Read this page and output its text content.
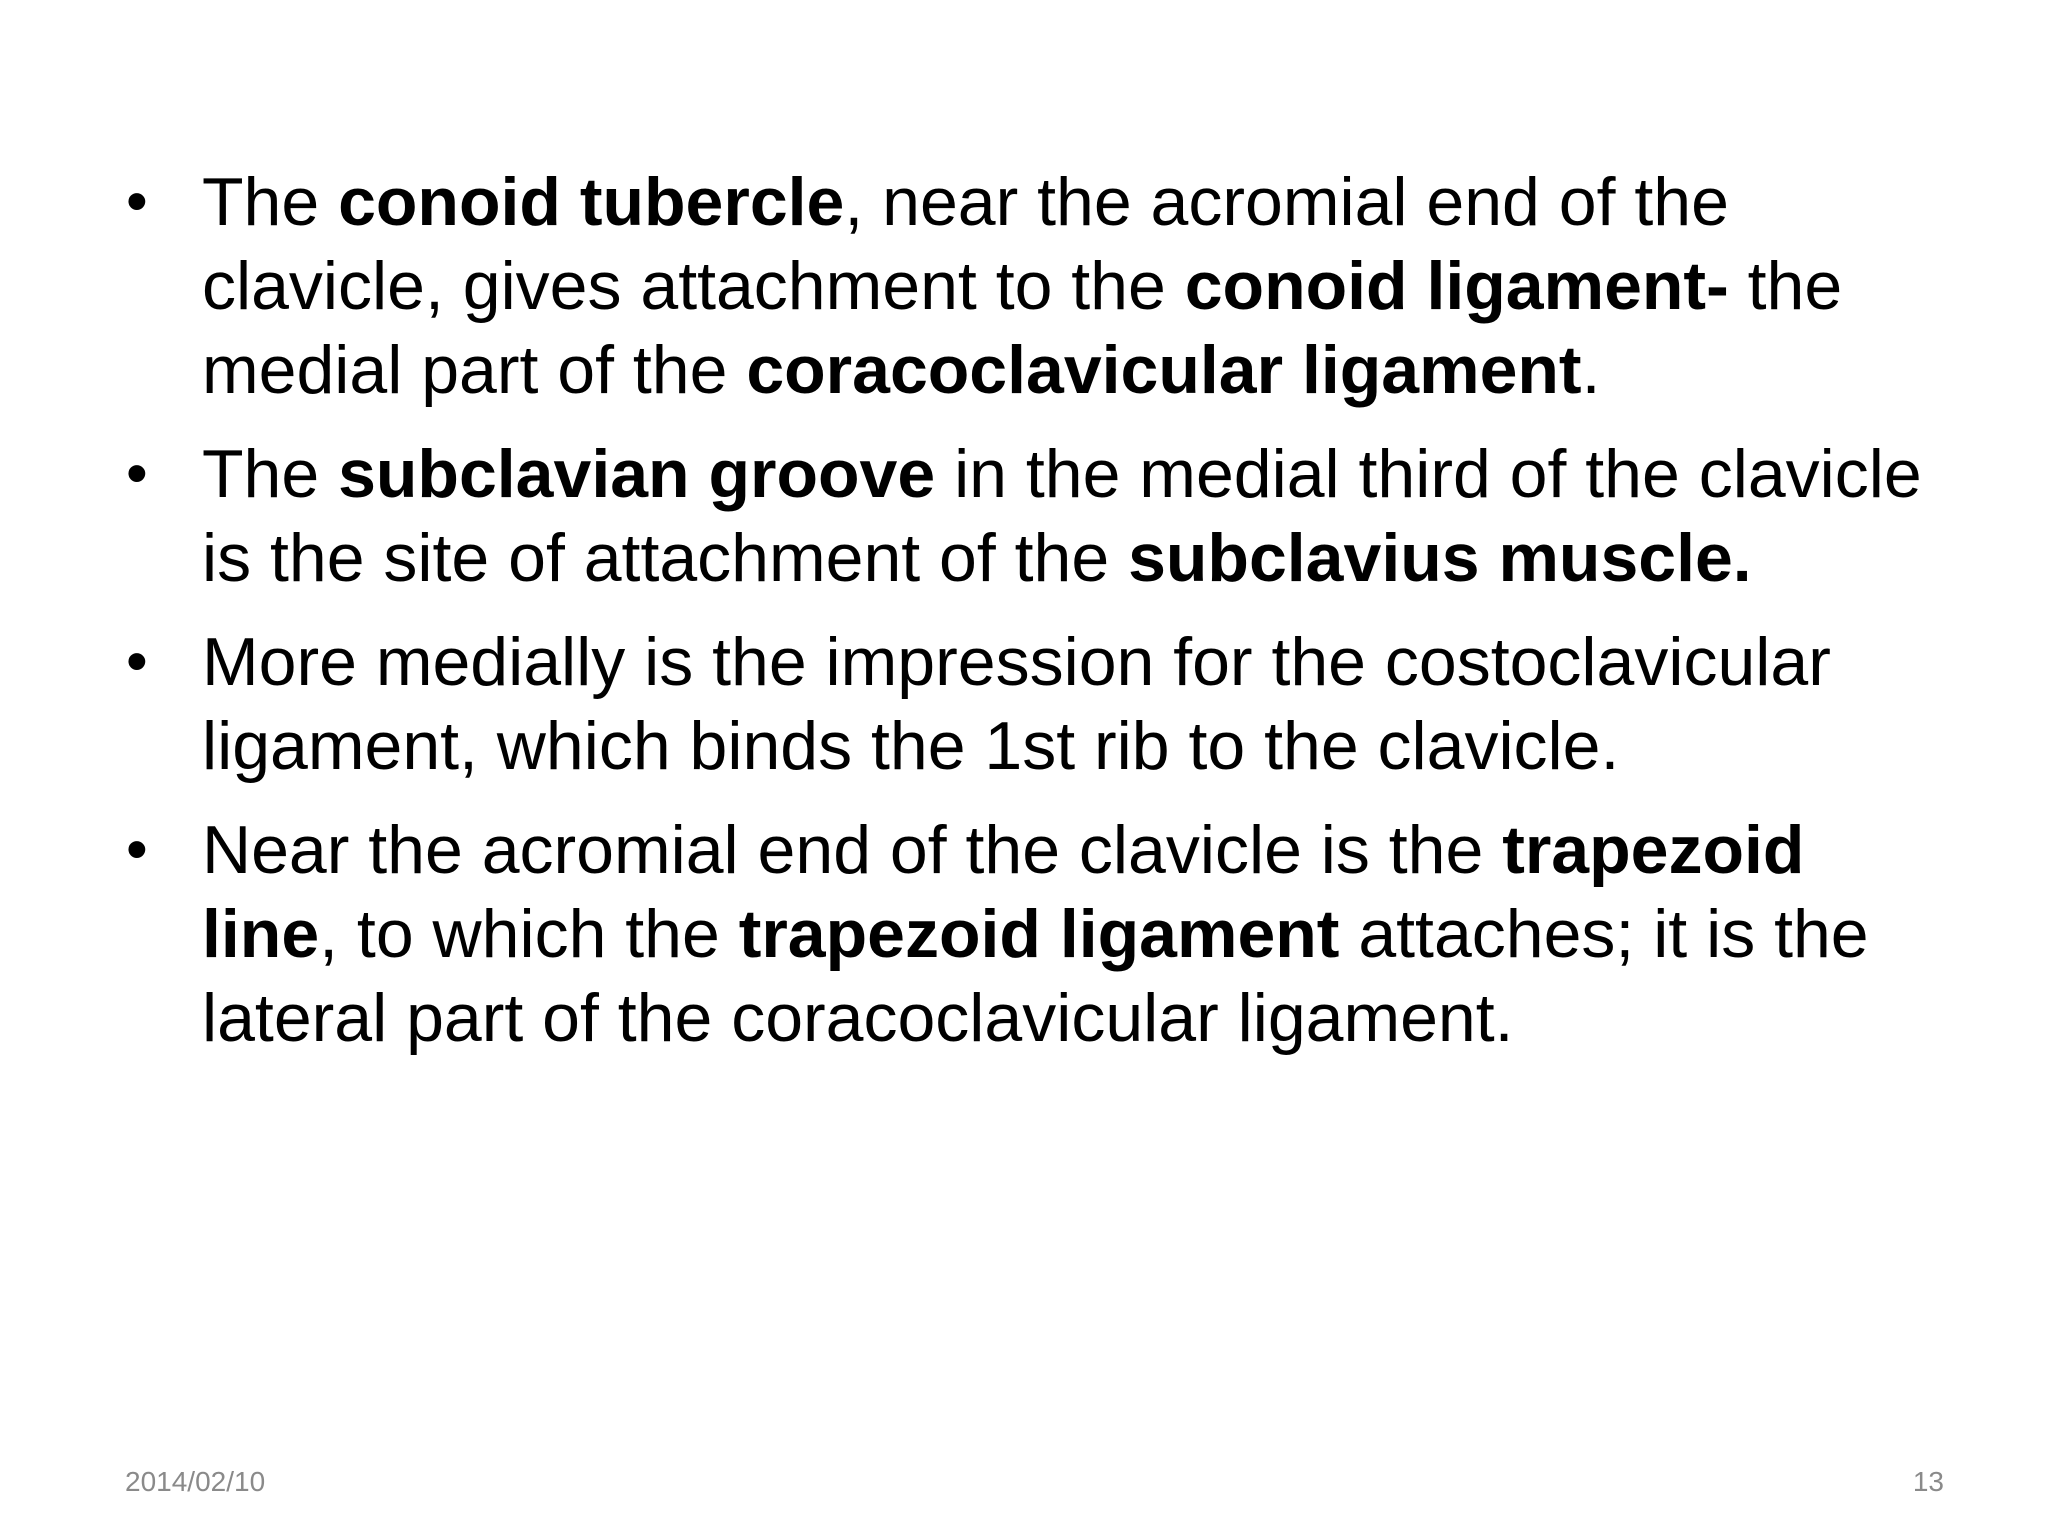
• The conoid tubercle, near the acromial end of the clavicle, gives attachment to the conoid ligament- the medial part of the coracoclavicular ligament.
• The subclavian groove in the medial third of the clavicle is the site of attachment of the subclavius muscle.
• More medially is the impression for the costoclavicular ligament, which binds the 1st rib to the clavicle.
• Near the acromial end of the clavicle is the trapezoid line, to which the trapezoid ligament attaches; it is the lateral part of the coracoclavicular ligament.
2014/02/10	13
